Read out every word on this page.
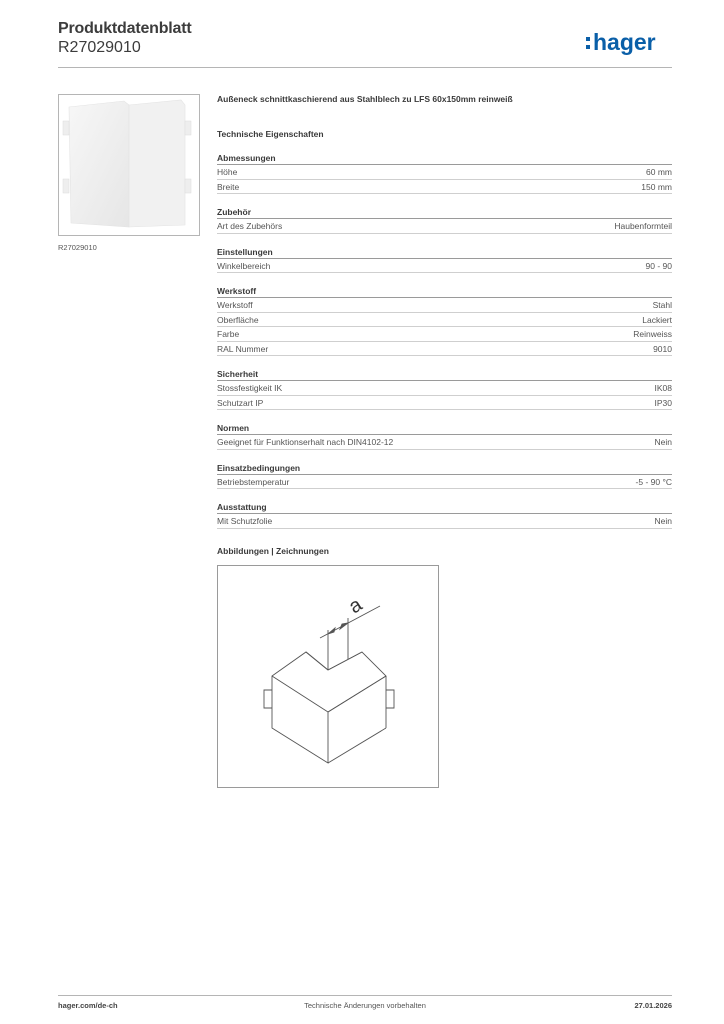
Produktdatenblatt
R27029010	hager
R27029010
Außeneck schnittkaschierend aus Stahlblech zu LFS 60x150mm reinweiß
Technische Eigenschaften
Abmessungen
Höhe	60 mm
Breite	150 mm
Zubehör
Art des Zubehörs	Haubenformteil
Einstellungen
Winkelbereich	90 - 90
Werkstoff
Werkstoff	Stahl
Oberfläche	Lackiert
Farbe	Reinweiss
RAL Nummer	9010
Sicherheit
Stossfestigkeit IK	IK08
Schutzart IP	IP30
Normen
Geeignet für Funktionserhalt nach DIN4102-12	Nein
Einsatzbedingungen
Betriebstemperatur	-5 - 90 °C
Ausstattung
Mit Schutzfolie	Nein
Abbildungen | Zeichnungen
a
hager.com/de-ch	Technische Änderungen vorbehalten	27.01.2026
